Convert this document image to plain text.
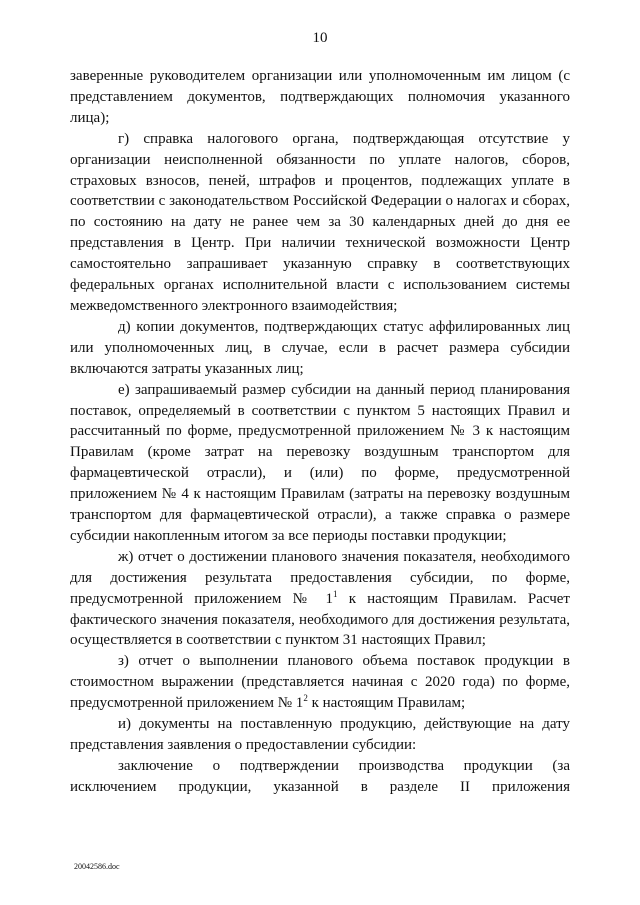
10

заверенные руководителем организации или уполномоченным им лицом (с представлением документов, подтверждающих полномочия указанного лица);

г) справка налогового органа, подтверждающая отсутствие у организации неисполненной обязанности по уплате налогов, сборов, страховых взносов, пеней, штрафов и процентов, подлежащих уплате в соответствии с законодательством Российской Федерации о налогах и сборах, по состоянию на дату не ранее чем за 30 календарных дней до дня ее представления в Центр. При наличии технической возможности Центр самостоятельно запрашивает указанную справку в соответствующих федеральных органах исполнительной власти с использованием системы межведомственного электронного взаимодействия;

д) копии документов, подтверждающих статус аффилированных лиц или уполномоченных лиц, в случае, если в расчет размера субсидии включаются затраты указанных лиц;

е) запрашиваемый размер субсидии на данный период планирования поставок, определяемый в соответствии с пунктом 5 настоящих Правил и рассчитанный по форме, предусмотренной приложением № 3 к настоящим Правилам (кроме затрат на перевозку воздушным транспортом для фармацевтической отрасли), и (или) по форме, предусмотренной приложением № 4 к настоящим Правилам (затраты на перевозку воздушным транспортом для фармацевтической отрасли), а также справка о размере субсидии накопленным итогом за все периоды поставки продукции;

ж) отчет о достижении планового значения показателя, необходимого для достижения результата предоставления субсидии, по форме, предусмотренной приложением № $1^1$ к настоящим Правилам. Расчет фактического значения показателя, необходимого для достижения результата, осуществляется в соответствии с пунктом 31 настоящих Правил;

з) отчет о выполнении планового объема поставок продукции в стоимостном выражении (представляется начиная с 2020 года) по форме, предусмотренной приложением № $1^2$ к настоящим Правилам;

и) документы на поставленную продукцию, действующие на дату представления заявления о предоставлении субсидии:

заключение о подтверждении производства продукции (за исключением продукции, указанной в разделе II приложения

20042586.doc
